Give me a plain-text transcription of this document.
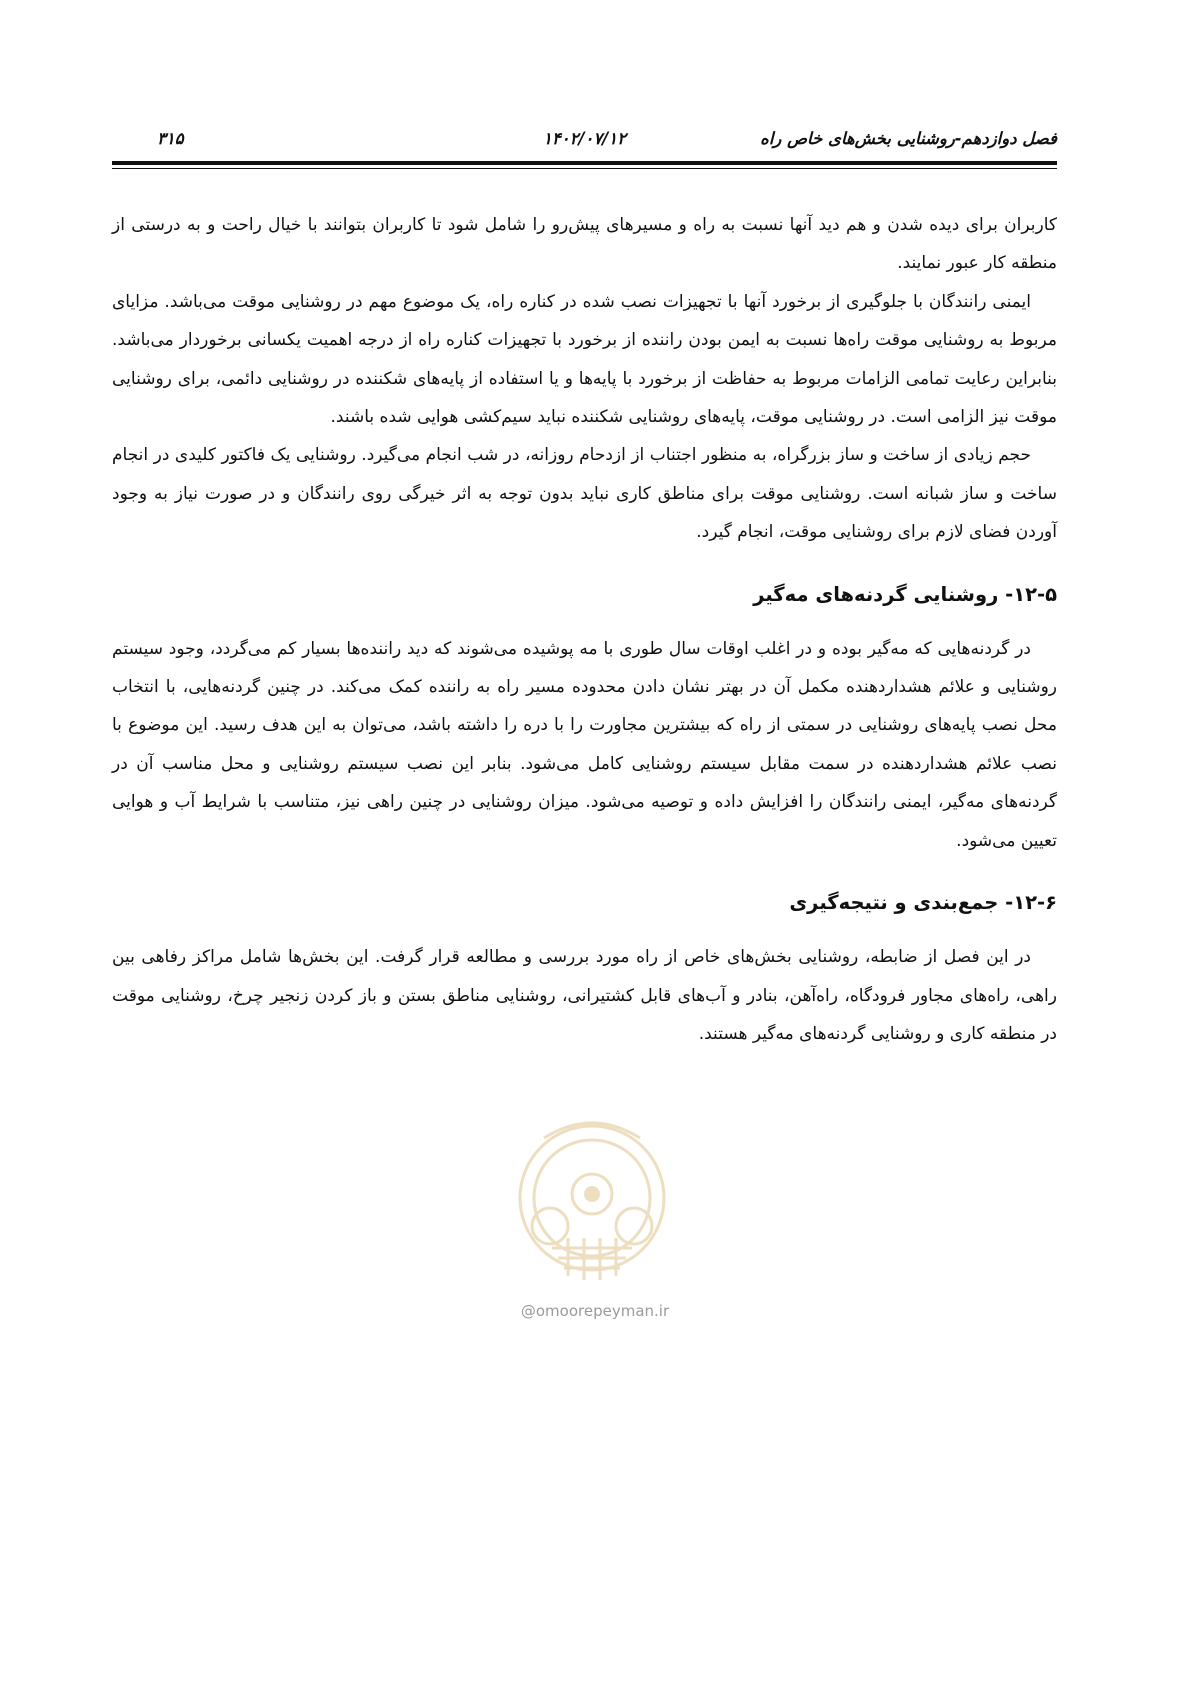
فصل دوازدهم-روشنایی بخش‌های خاص راه
۱۴۰۲/۰۷/۱۲
۳۱۵

کاربران برای دیده شدن و هم دید آنها نسبت به راه و مسیرهای پیش‌رو را شامل شود تا کاربران بتوانند با خیال راحت و به درستی از منطقه کار عبور نمایند.

ایمنی رانندگان با جلوگیری از برخورد آنها با تجهیزات نصب شده در کناره راه، یک موضوع مهم در روشنایی موقت می‌باشد. مزایای مربوط به روشنایی موقت راه‌ها نسبت به ایمن بودن راننده از برخورد با تجهیزات کناره راه از درجه اهمیت یکسانی برخوردار می‌باشد. بنابراین رعایت تمامی الزامات مربوط به حفاظت از برخورد با پایه‌ها و یا استفاده از پایه‌های شکننده در روشنایی دائمی، برای روشنایی موقت نیز الزامی است. در روشنایی موقت، پایه‌های روشنایی شکننده نباید سیم‌کشی هوایی شده باشند.

حجم زیادی از ساخت و ساز بزرگراه، به منظور اجتناب از ازدحام روزانه، در شب انجام می‌گیرد. روشنایی یک فاکتور کلیدی در انجام ساخت و ساز شبانه است. روشنایی موقت برای مناطق کاری نباید بدون توجه به اثر خیرگی روی رانندگان و در صورت نیاز به وجود آوردن فضای لازم برای روشنایی موقت، انجام گیرد.

۱۲-۵- روشنایی گردنه‌های مه‌گیر

در گردنه‌هایی که مه‌گیر بوده و در اغلب اوقات سال طوری با مه پوشیده می‌شوند که دید راننده‌ها بسیار کم می‌گردد، وجود سیستم روشنایی و علائم هشداردهنده مکمل آن در بهتر نشان دادن محدوده مسیر راه به راننده کمک می‌کند. در چنین گردنه‌هایی، با انتخاب محل نصب پایه‌های روشنایی در سمتی از راه که بیشترین مجاورت را با دره را داشته باشد، می‌توان به این هدف رسید. این موضوع با نصب علائم هشداردهنده در سمت مقابل سیستم روشنایی کامل می‌شود. بنابر این نصب سیستم روشنایی و محل مناسب آن در گردنه‌های مه‌گیر، ایمنی رانندگان را افزایش داده و توصیه می‌شود. میزان روشنایی در چنین راهی نیز، متناسب با شرایط آب و هوایی تعیین می‌شود.

۱۲-۶- جمع‌بندی و نتیجه‌گیری

در این فصل از ضابطه، روشنایی بخش‌های خاص از راه مورد بررسی و مطالعه قرار گرفت. این بخش‌ها شامل مراکز رفاهی بین راهی، راه‌های مجاور فرودگاه، راه‌آهن، بنادر و آب‌های قابل کشتیرانی، روشنایی مناطق بستن و باز کردن زنجیر چرخ، روشنایی موقت در منطقه کاری و روشنایی گردنه‌های مه‌گیر هستند.

@omoorepeyman.ir
